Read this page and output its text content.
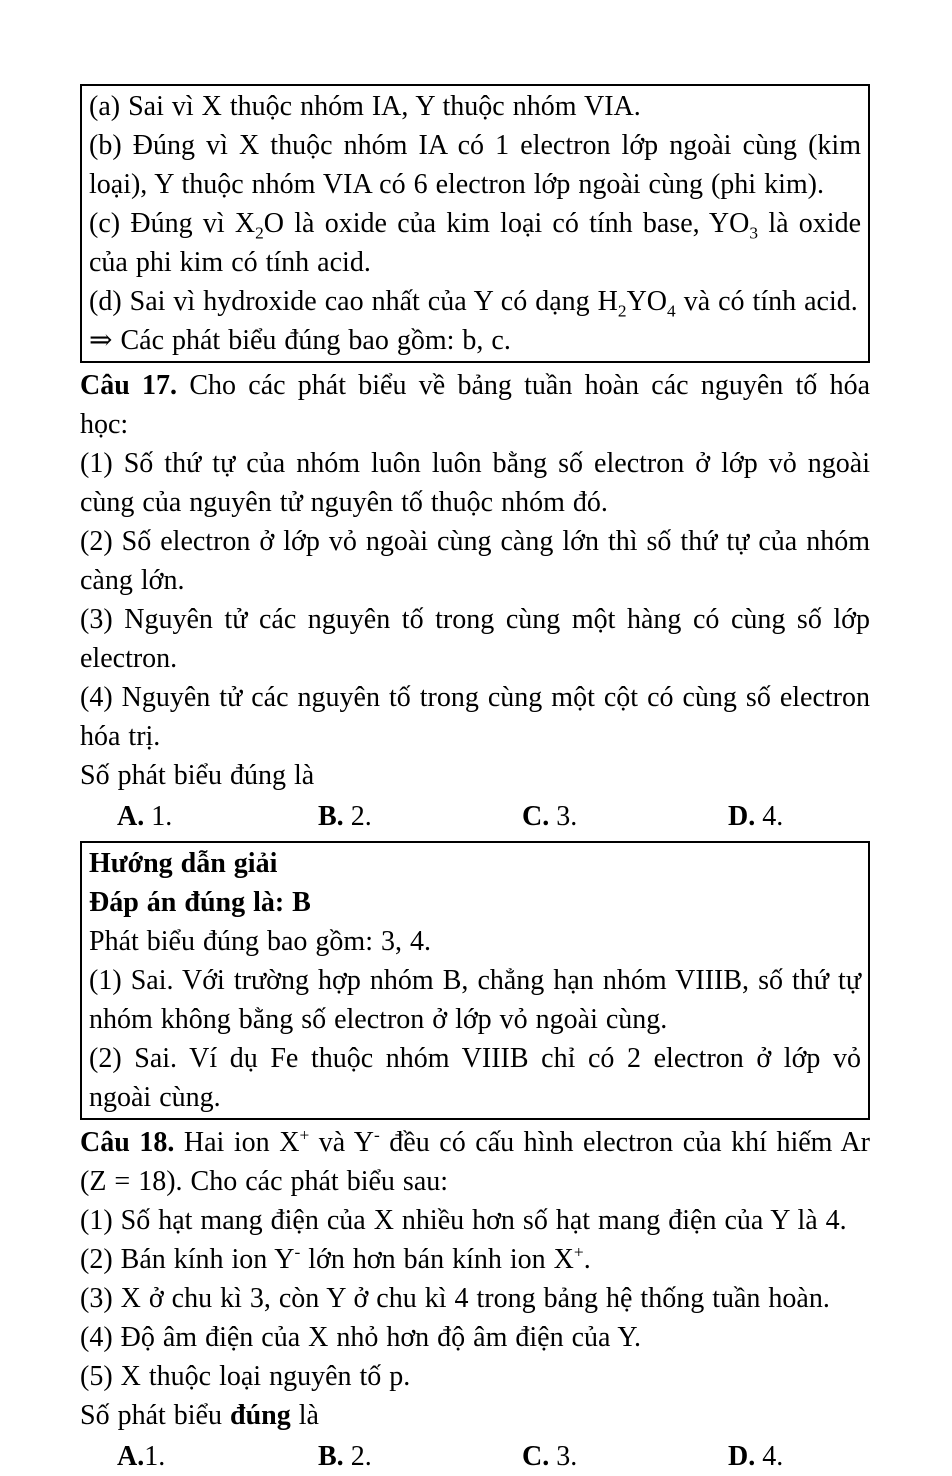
(a) Sai vì X thuộc nhóm IA, Y thuộc nhóm VIA.

(b) Đúng vì X thuộc nhóm IA có 1 electron lớp ngoài cùng (kim loại), Y thuộc nhóm VIA có 6 electron lớp ngoài cùng (phi kim).

(c) Đúng vì $X_2O$ là oxide của kim loại có tính base, $YO_3$ là oxide của phi kim có tính acid.

(d) Sai vì hydroxide cao nhất của Y có dạng $H_2YO_4$ và có tính acid.

⇒ Các phát biểu đúng bao gồm: b, c.

Câu 17. Cho các phát biểu về bảng tuần hoàn các nguyên tố hóa học:

(1) Số thứ tự của nhóm luôn luôn bằng số electron ở lớp vỏ ngoài cùng của nguyên tử nguyên tố thuộc nhóm đó.

(2) Số electron ở lớp vỏ ngoài cùng càng lớn thì số thứ tự của nhóm càng lớn.

(3) Nguyên tử các nguyên tố trong cùng một hàng có cùng số lớp electron.

(4) Nguyên tử các nguyên tố trong cùng một cột có cùng số electron hóa trị.

Số phát biểu đúng là

A. 1.	B. 2.	C. 3.	D. 4.

Hướng dẫn giải

Đáp án đúng là: B

Phát biểu đúng bao gồm: 3, 4.

(1) Sai. Với trường hợp nhóm B, chẳng hạn nhóm VIIIB, số thứ tự nhóm không bằng số electron ở lớp vỏ ngoài cùng.

(2) Sai. Ví dụ Fe thuộc nhóm VIIIB chỉ có 2 electron ở lớp vỏ ngoài cùng.

Câu 18. Hai ion X+ và Y- đều có cấu hình electron của khí hiếm Ar (Z = 18). Cho các phát biểu sau:

(1) Số hạt mang điện của X nhiều hơn số hạt mang điện của Y là 4.

(2) Bán kính ion Y- lớn hơn bán kính ion X+.

(3) X ở chu kì 3, còn Y ở chu kì 4 trong bảng hệ thống tuần hoàn.

(4) Độ âm điện của X nhỏ hơn độ âm điện của Y.

(5) X thuộc loại nguyên tố p.

Số phát biểu đúng là

A.1.	B. 2.	C. 3.	D. 4.
